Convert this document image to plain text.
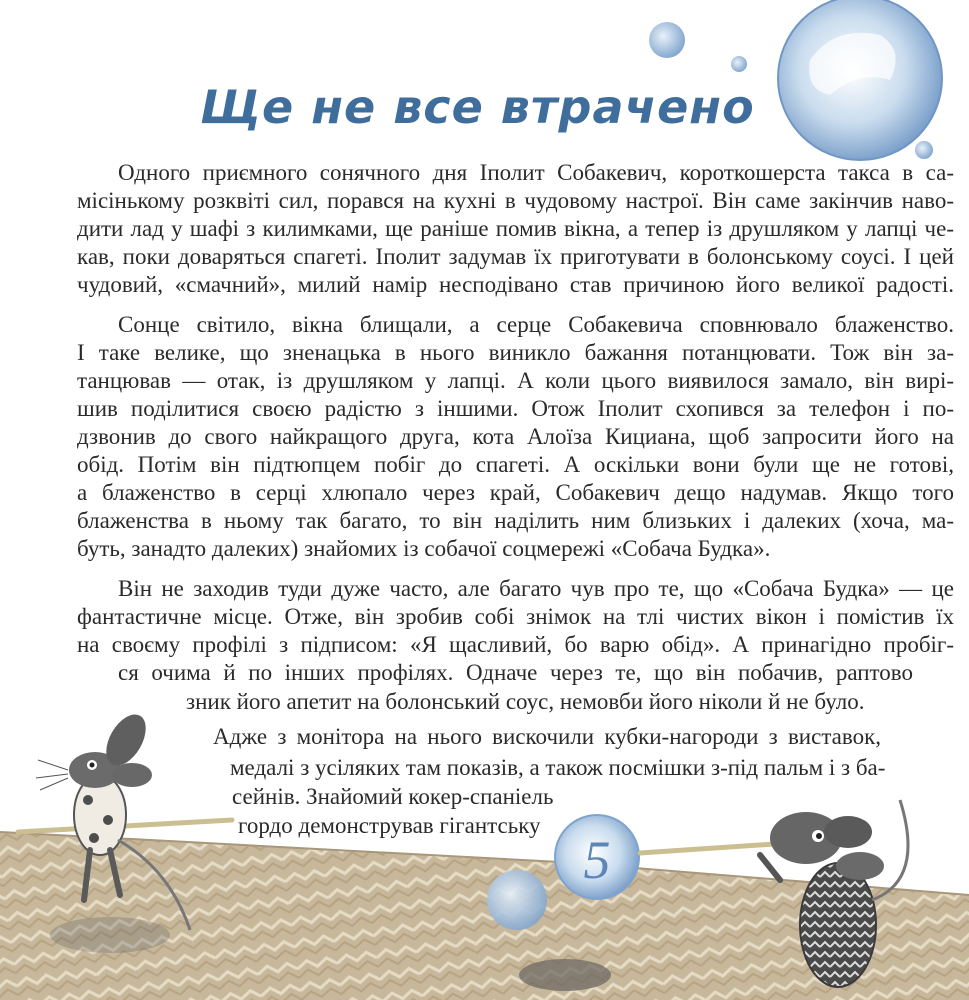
5
Ще не все втрачено
Одного приємного сонячного дня Іполит Собакевич, короткошерста такса в са-
місінькому розквіті сил, порався на кухні в чудовому настрої. Він саме закінчив наво-
дити лад у шафі з килимками, ще раніше помив вікна, а тепер із друшляком у лапці че-
кав, поки доваряться спагеті. Іполит задумав їх приготувати в болонському соусі. І цей
чудовий, «смачний», милий намір несподівано став причиною його великої радості.
Сонце світило, вікна блищали, а серце Собакевича сповнювало блаженство.
І таке велике, що зненацька в нього виникло бажання потанцювати. Тож він за-
танцював — отак, із друшляком у лапці. А коли цього виявилося замало, він вирі-
шив поділитися своєю радістю з іншими. Отож Іполит схопився за телефон і по-
дзвонив до свого найкращого друга, кота Алоїза Кициана, щоб запросити його на
обід. Потім він підтюпцем побіг до спагеті. А оскільки вони були ще не готові,
а блаженство в серці хлюпало через край, Собакевич дещо надумав. Якщо того
блаженства в ньому так багато, то він наділить ним близьких і далеких (хоча, ма-
буть, занадто далеких) знайомих із собачої соцмережі «Собача Будка».
Він не заходив туди дуже часто, але багато чув про те, що «Собача Будка» — це
фантастичне місце. Отже, він зробив собі знімок на тлі чистих вікон і помістив їх
на своєму профілі з підписом: «Я щасливий, бо варю обід». А принагідно пробіг-
ся очима й по інших профілях. Одначе через те, що він побачив, раптово
зник його апетит на болонський соус, немовби його ніколи й не було.
Адже з монітора на нього вискочили кубки-нагороди з виставок,
медалі з усіляких там показів, а також посмішки з-під пальм і з ба-
сейнів. Знайомий кокер-спаніель
гордо демонстрував гігантську
